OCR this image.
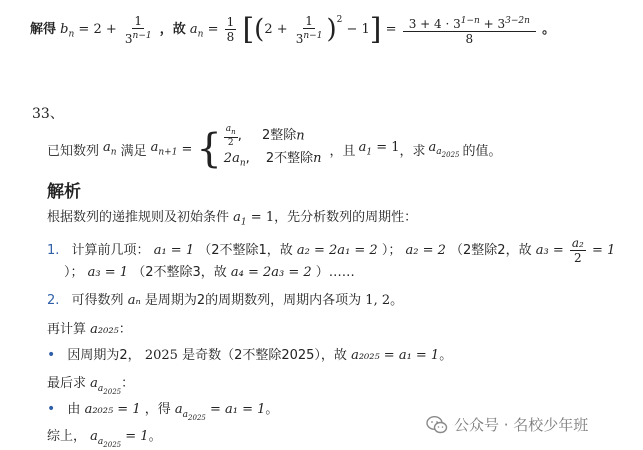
解得 $b_n = 2 + \frac{1}{3^{n-1}}$ ，故 $a_n = \frac{1}{8} [(2 + \frac{1}{3^{n-1}} )^2 - 1] = \frac{3 + 4 \cdot 3^{1-n} + 3^{3-2n}}{8}$ 。
33、
已知数列 $a_n$ 满足 $a_{n+1}$ = { $\frac{a_n}{2}$ , 2整除n
$2a_n$, 2不整除n ，且 $a_1 = 1$ ，求 $a_{a_{2025}}$ 的值。
解析
根据数列的递推规则及初始条件 $a_1 = 1$，先分析数列的周期性：
1. 计算前几项： a₁ = 1 （2不整除1，故 a₂ = 2a₁ = 2 ）； a₂ = 2 （2整除2，故 $a_3 = \frac{\text{a₂}}{2} = 1$
）； a₃ = 1 （2不整除3，故 a₄ = 2a₃ = 2 ）……
2. 可得数列 aₙ 是周期为2的周期数列，周期内各项为 1, 2。
再计算 a₂₀₂₅：
• 因周期为2， 2025 是奇数（2不整除2025），故 a₂₀₂₅ = a₁ = 1。
最后求 $a_{a_{2025}}$：
• 由 a₂₀₂₅ = 1 ，得 $a_{a_{2025}} = a_1 = 1$。
综上， $a_{a_{2025}} = 1$。
公众号 · 名校少年班
